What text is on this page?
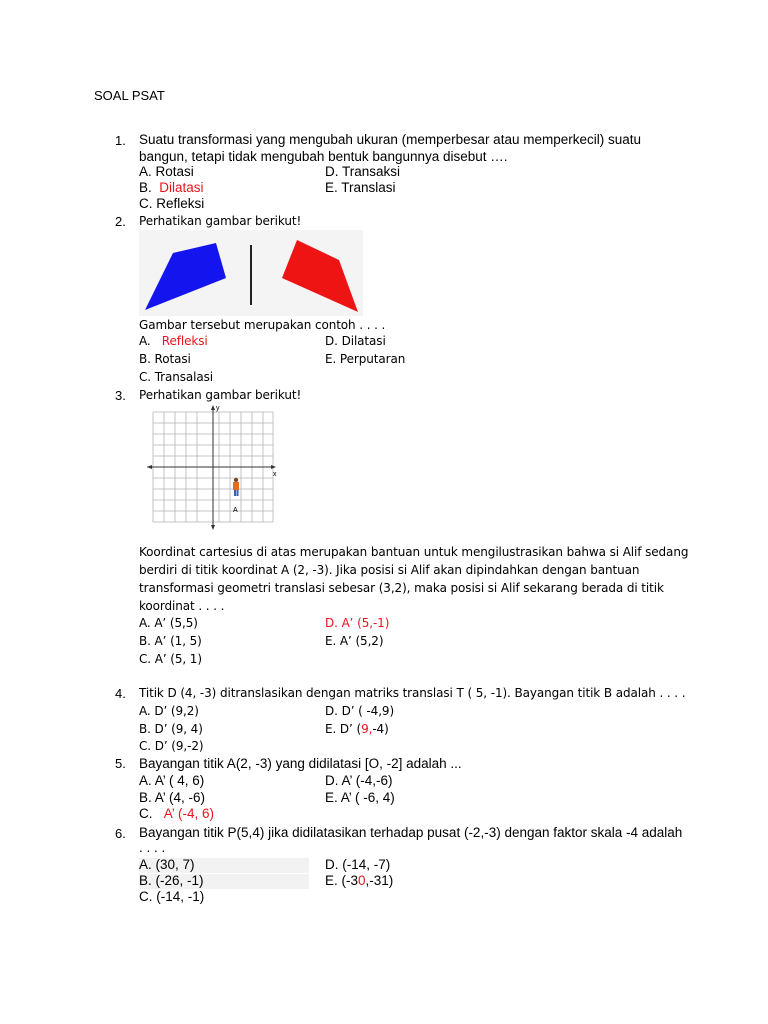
SOAL PSAT
1. Suatu transformasi yang mengubah ukuran (memperbesar atau memperkecil) suatu
bangun, tetapi tidak mengubah bentuk bangunnya disebut ….
A. Rotasi
B. Dilatasi
C. Refleksi
D. Transaksi
E. Translasi
2. Perhatikan gambar berikut!
Gambar tersebut merupakan contoh . . . .
A. Refleksi
B. Rotasi
C. Transalasi
D. Dilatasi
E. Perputaran
3. Perhatikan gambar berikut!
y
x
A
Koordinat cartesius di atas merupakan bantuan untuk mengilustrasikan bahwa si Alif sedang
berdiri di titik koordinat A (2, -3). Jika posisi si Alif akan dipindahkan dengan bantuan
transformasi geometri translasi sebesar (3,2), maka posisi si Alif sekarang berada di titik
koordinat . . . .
A. A’ (5,5)
B. A’ (1, 5)
C. A’ (5, 1)
D. A’ (5,-1)
E. A’ (5,2)
4. Titik D (4, -3) ditranslasikan dengan matriks translasi T ( 5, -1). Bayangan titik B adalah . . . .
A. D’ (9,2)
B. D’ (9, 4)
C. D’ (9,-2)
D. D’ ( -4,9)
E. D’ (9,-4)
5. Bayangan titik A(2, -3) yang didilatasi [O, -2] adalah ...
A. A’ ( 4, 6)
B. A’ (4, -6)
C. A’ (-4, 6)
D. A’ (-4,-6)
E. A’ ( -6, 4)
6. Bayangan titik P(5,4) jika didilatasikan terhadap pusat (-2,-3) dengan faktor skala -4 adalah
. . . .
A. (30, 7)
B. (-26, -1)
C. (-14, -1)
D. (-14, -7)
E. (-30,-31)
